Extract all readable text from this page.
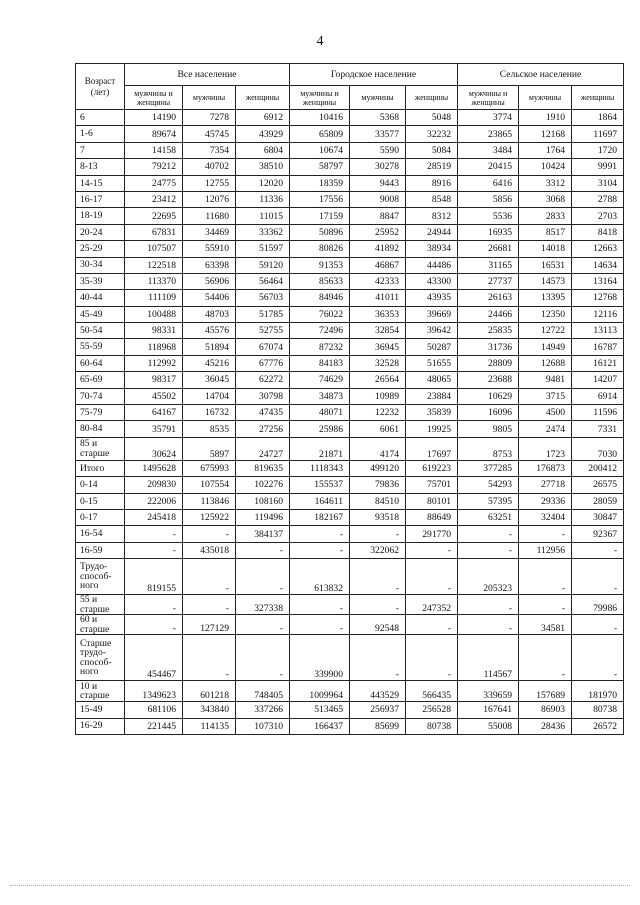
4
Возраст (лет)	Все население			Городское население			Сельское население		
	мужчины и женщины	мужчины	женщины	мужчины и женщины	мужчины	женщины	мужчины и женщины	мужчины	женщины
6	14190	7278	6912	10416	5368	5048	3774	1910	1864
1-6	89674	45745	43929	65809	33577	32232	23865	12168	11697
7	14158	7354	6804	10674	5590	5084	3484	1764	1720
8-13	79212	40702	38510	58797	30278	28519	20415	10424	9991
14-15	24775	12755	12020	18359	9443	8916	6416	3312	3104
16-17	23412	12076	11336	17556	9008	8548	5856	3068	2788
18-19	22695	11680	11015	17159	8847	8312	5536	2833	2703
20-24	67831	34469	33362	50896	25952	24944	16935	8517	8418
25-29	107507	55910	51597	80826	41892	38934	26681	14018	12663
30-34	122518	63398	59120	91353	46867	44486	31165	16531	14634
35-39	113370	56906	56464	85633	42333	43300	27737	14573	13164
40-44	111109	54406	56703	84946	41011	43935	26163	13395	12768
45-49	100488	48703	51785	76022	36353	39669	24466	12350	12116
50-54	98331	45576	52755	72496	32854	39642	25835	12722	13113
55-59	118968	51894	67074	87232	36945	50287	31736	14949	16787
60-64	112992	45216	67776	84183	32528	51655	28809	12688	16121
65-69	98317	36045	62272	74629	26564	48065	23688	9481	14207
70-74	45502	14704	30798	34873	10989	23884	10629	3715	6914
75-79	64167	16732	47435	48071	12232	35839	16096	4500	11596
80-84	35791	8535	27256	25986	6061	19925	9805	2474	7331
85 и старше	30624	5897	24727	21871	4174	17697	8753	1723	7030
Итого	1495628	675993	819635	1118343	499120	619223	377285	176873	200412
0-14	209830	107554	102276	155537	79836	75701	54293	27718	26575
0-15	222006	113846	108160	164611	84510	80101	57395	29336	28059
0-17	245418	125922	119496	182167	93518	88649	63251	32404	30847
16-54	-	-	384137	-	-	291770	-	-	92367
16-59	-	435018	-	-	322062	-	-	112956	-
Трудо-способ-ного	819155	-	-	613832	-	-	205323	-	-
55 и старше	-	-	327338	-	-	247352	-	-	79986
60 и старше	-	127129	-	-	92548	-	-	34581	-
Старше трудо-способ-ного	454467	-	-	339900	-	-	114567	-	-
10 и старше	1349623	601218	748405	1009964	443529	566435	339659	157689	181970
15-49	681106	343840	337266	513465	256937	256528	167641	86903	80738
16-29	221445	114135	107310	166437	85699	80738	55008	28436	26572
